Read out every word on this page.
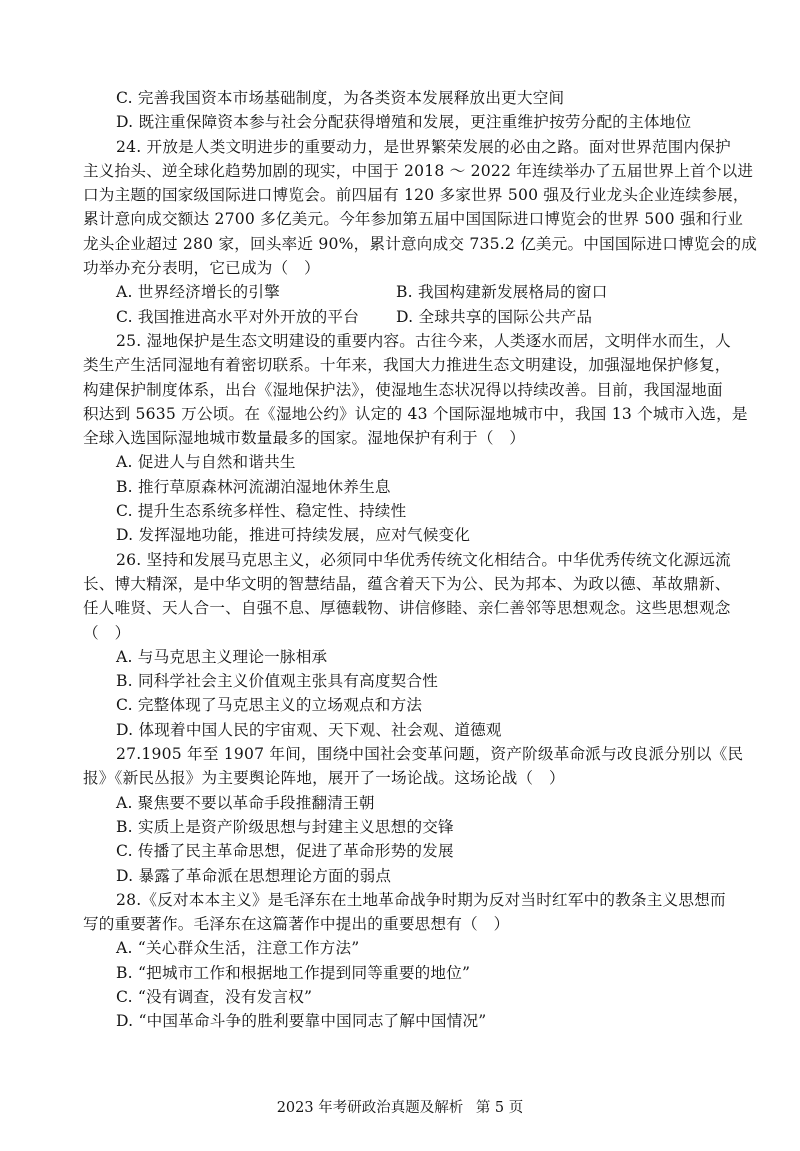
C. 完善我国资本市场基础制度，为各类资本发展释放出更大空间

D. 既注重保障资本参与社会分配获得增殖和发展，更注重维护按劳分配的主体地位

24. 开放是人类文明进步的重要动力，是世界繁荣发展的必由之路。面对世界范围内保护

主义抬头、逆全球化趋势加剧的现实，中国于 2018 ～ 2022 年连续举办了五届世界上首个以进

口为主题的国家级国际进口博览会。前四届有 120 多家世界 500 强及行业龙头企业连续参展，

累计意向成交额达 2700 多亿美元。今年参加第五届中国国际进口博览会的世界 500 强和行业

龙头企业超过 280 家，回头率近 90%，累计意向成交 735.2 亿美元。中国国际进口博览会的成

功举办充分表明，它已成为（　）

A. 世界经济增长的引擎	B. 我国构建新发展格局的窗口

C. 我国推进高水平对外开放的平台	D. 全球共享的国际公共产品

25. 湿地保护是生态文明建设的重要内容。古往今来，人类逐水而居，文明伴水而生，人

类生产生活同湿地有着密切联系。十年来，我国大力推进生态文明建设，加强湿地保护修复，

构建保护制度体系，出台《湿地保护法》，使湿地生态状况得以持续改善。目前，我国湿地面

积达到 5635 万公顷。在《湿地公约》认定的 43 个国际湿地城市中，我国 13 个城市入选，是

全球入选国际湿地城市数量最多的国家。湿地保护有利于（　）

A. 促进人与自然和谐共生

B. 推行草原森林河流湖泊湿地休养生息

C. 提升生态系统多样性、稳定性、持续性

D. 发挥湿地功能，推进可持续发展，应对气候变化

26. 坚持和发展马克思主义，必须同中华优秀传统文化相结合。中华优秀传统文化源远流

长、博大精深，是中华文明的智慧结晶，蕴含着天下为公、民为邦本、为政以德、革故鼎新、

任人唯贤、天人合一、自强不息、厚德载物、讲信修睦、亲仁善邻等思想观念。这些思想观念

（　）

A. 与马克思主义理论一脉相承

B. 同科学社会主义价值观主张具有高度契合性

C. 完整体现了马克思主义的立场观点和方法

D. 体现着中国人民的宇宙观、天下观、社会观、道德观

27.1905 年至 1907 年间，围绕中国社会变革问题，资产阶级革命派与改良派分别以《民

报》《新民丛报》为主要舆论阵地，展开了一场论战。这场论战（　）

A. 聚焦要不要以革命手段推翻清王朝

B. 实质上是资产阶级思想与封建主义思想的交锋

C. 传播了民主革命思想，促进了革命形势的发展

D. 暴露了革命派在思想理论方面的弱点

28.《反对本本主义》是毛泽东在土地革命战争时期为反对当时红军中的教条主义思想而

写的重要著作。毛泽东在这篇著作中提出的重要思想有（　）

A. “关心群众生活，注意工作方法”

B. “把城市工作和根据地工作提到同等重要的地位”

C. “没有调查，没有发言权”

D. “中国革命斗争的胜利要靠中国同志了解中国情况”

2023 年考研政治真题及解析 第 5 页
